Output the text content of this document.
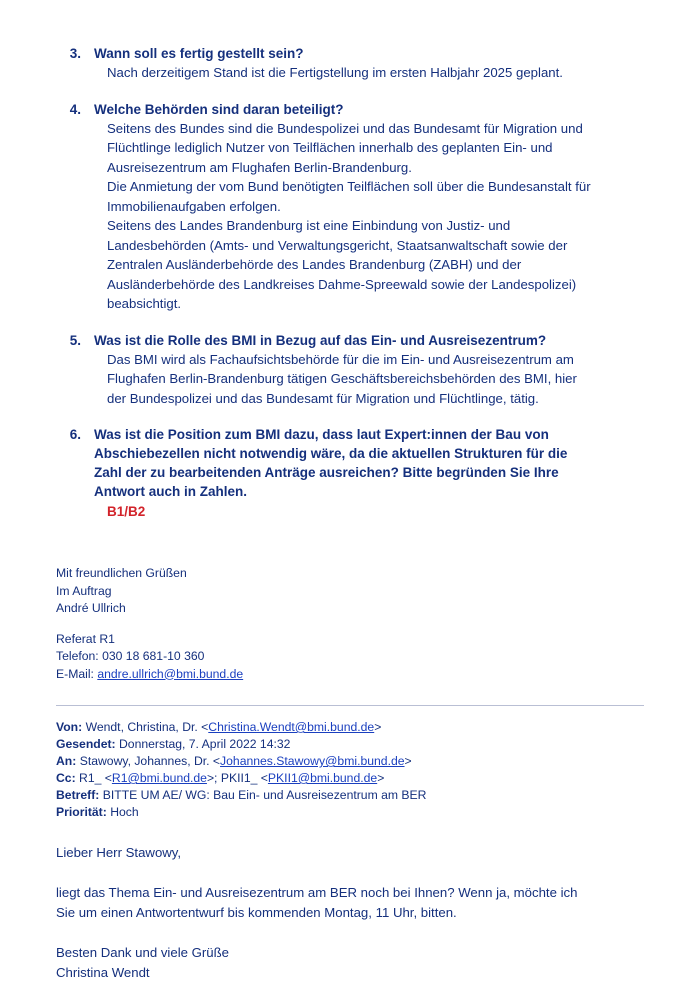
3. Wann soll es fertig gestellt sein?

Nach derzeitigem Stand ist die Fertigstellung im ersten Halbjahr 2025 geplant.

4. Welche Behörden sind daran beteiligt?

Seitens des Bundes sind die Bundespolizei und das Bundesamt für Migration und

Flüchtlinge lediglich Nutzer von Teilflächen innerhalb des geplanten Ein- und

Ausreisezentrum am Flughafen Berlin-Brandenburg.

Die Anmietung der vom Bund benötigten Teilflächen soll über die Bundesanstalt für

Immobilienaufgaben erfolgen.

Seitens des Landes Brandenburg ist eine Einbindung von Justiz- und

Landesbehörden (Amts- und Verwaltungsgericht, Staatsanwaltschaft sowie der

Zentralen Ausländerbehörde des Landes Brandenburg (ZABH) und der

Ausländerbehörde des Landkreises Dahme-Spreewald sowie der Landespolizei)

beabsichtigt.

5. Was ist die Rolle des BMI in Bezug auf das Ein- und Ausreisezentrum?

Das BMI wird als Fachaufsichtsbehörde für die im Ein- und Ausreisezentrum am

Flughafen Berlin-Brandenburg tätigen Geschäftsbereichsbehörden des BMI, hier

der Bundespolizei und das Bundesamt für Migration und Flüchtlinge, tätig.

6. Was ist die Position zum BMI dazu, dass laut Expert:innen der Bau von
Abschiebezellen nicht notwendig wäre, da die aktuellen Strukturen für die
Zahl der zu bearbeitenden Anträge ausreichen? Bitte begründen Sie Ihre
Antwort auch in Zahlen.
B1/B2
Mit freundlichen Grüßen
Im Auftrag
André Ullrich
Referat R1
Telefon: 030 18 681-10 360
E-Mail: andre.ullrich@bmi.bund.de
Von: Wendt, Christina, Dr. <Christina.Wendt@bmi.bund.de>
Gesendet: Donnerstag, 7. April 2022 14:32
An: Stawowy, Johannes, Dr. <Johannes.Stawowy@bmi.bund.de>
Cc: R1_ <R1@bmi.bund.de>; PKII1_ <PKII1@bmi.bund.de>
Betreff: BITTE UM AE/ WG: Bau Ein- und Ausreisezentrum am BER
Priorität: Hoch

Lieber Herr Stawowy,

liegt das Thema Ein- und Ausreisezentrum am BER noch bei Ihnen? Wenn ja, möchte ich

Sie um einen Antwortentwurf bis kommenden Montag, 11 Uhr, bitten.

Besten Dank und viele Grüße

Christina Wendt
